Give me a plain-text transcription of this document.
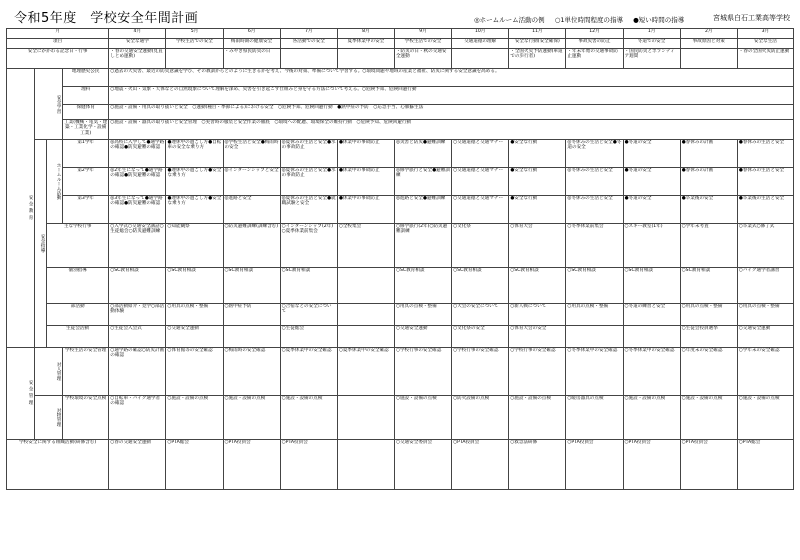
令和5年度　学校安全年間計画	◎ホームルーム活動の例 ○1単位時間程度の指導 ●短い時間の指導	宮城県白石工業高等学校
月				4月	5月	6月	7月	8月	9月	10月	11月	12月	1月	2月	3月
項目				安全な通学	学校生活での安全	梅雨時期の健康安全	各活動での安全	夏季休業中の安全	学校生活での安全	交通道徳の理解	安全な行動(安全確保)	事故災害の防止	冬道での安全	事故原因と対策	安全な生活
安全にかかわる記念日・行事				・春の交通安全運動(見直しとめ運動)		・みやぎ県民防災の日			・防災の日・秋の交通安全運動		・全国火災予防運動(車道での歩行者)	・年末年始の交通事故防止運動	・国民防災とボランティア週間		・春の全国火災防止運動
安全教育	安全学習		地理歴史公民	○過去の大災害、最近の防災意識を学び、その教訓からどのように生きるかを考え、今後の対策、準備について学習する。○環境問題や地域の産業と福祉、防災に関する安全意識を高める。											
			理科	○地震・火山・気象・天体などの自然現象について理解を深め、災害を引き起こす仕組みと身を守る方法について考える。○危険予知、危険回避行動											
			保健体育	○施設・設備・用具の取り扱いと安全　○運動(種目・季節による)における安全　○危険予知、危険回避行動　●熱中症の予防　○応急手当、心肺蘇生法											
			工業(機械・電気・建築・工業化学・設備工業)	○施設・設備・器具の取り扱いと安全管理　○実習時の服装と安全作業の徹底　○環境への配慮、環境保全の維持行動　○危険予知、危険回避行動											
	安全指導	ホームルーム活動	第1学年	◎高校に入学して●通学路の確認●防災避難の確認	●連休中の過ごし方●自転車の安全な乗り方	◎学校生活と安全●梅雨時の安全	◎夏休みの生活と安全●水の事故防止	●休業中の事故防止	◎災害と防災●避難訓練	○交通道徳と交通マナー	●安全な行動	◎冬休みの生活と安全●冬道の安全	●冬道の安全	●春休みの計画	●春休みの生活と安全
			第2学年	◎2年生になって●通学路の確認●防災避難の確認	●連休中の過ごし方●安全な乗り方	◎インターンシップと安全	◎夏休みの生活と安全●水の事故防止	●休業中の事故防止	◎修学旅行と安全●避難訓練	○交通道徳と交通マナー	●安全な行動	◎冬休みの生活と安全	●冬道の安全	●春休みの計画	●春休みの生活と安全
			第3学年	◎3年生になって●通学路の確認●防災避難の確認	●連休中の過ごし方●安全な乗り方	◎進路と安全	◎夏休みの生活と安全●就職試験と安全	●休業中の事故防止	◎進路と安全●避難訓練	○交通道徳と交通マナー	●安全な行動	◎冬休みの生活と安全	●冬道の安全	●卒業後の安全	●卒業後の生活と安全
		主な学校行事		○入学式○交通安全講話○生徒総会○防災避難訓練	○知能観察	○防災避難訓練(訓練含む)	○インターンシップ(2年)○夏季休業前集会	○全校集会	○修学旅行(2年)○防災避難訓練	○文化祭	○体育大会	○冬季休業前集会	○スキー教室(1年)	○学年末考査	○卒業式○修了式
		個別指導		○SC教育相談	○SC教育相談	○SC教育相談	○SC教育相談		○SC教育相談	○SC教育相談	○SC教育相談	○SC教育相談	○SC教育相談	○SC教育相談	○バイク通学者講習
		部活動		○部活動紹介・見学○部活動体験	○用具の点検・整備	○熱中症予防	○合宿などの安全について		○用具の点検・整備	○大会の安全について	○新人戦について	○用具の点検・整備	○冬道の練習と安全	○用具の点検・整備	○用具の点検・整備
		生徒会活動		○生徒会入会式	○交通安全運動		○生徒総会		○交通安全運動	○文化祭の安全	○体育大会の安全			○生徒会役員選挙	○交通安全運動
安全管理	対人管理		学校生活の安全管理	○通学路の確認○防災計画の確認	○体育館等の安全確認	○梅雨時の安全確認	○夏季休業中の安全確認	○夏季休業中の安全確認	○学校行事の安全確認	○学校行事の安全確認	○学校行事の安全確認	○冬季休業中の安全確認	○冬季休業中の安全確認	○年度末の安全確認	○学年末の安全確認
	対物管理		学校環境の安全点検	○自転車・バイク通学者の確認	○施設・設備の点検	○施設・設備の点検	○施設・設備の点検		○施設・設備の点検	○防火設備の点検	○施設・設備の点検	○暖房器具の点検	○施設・設備の点検	○施設・設備の点検	○施設・設備の点検
学校安全に関する組織活動(研修含む)				○春の交通安全運動	○PTA総会	○PTA役員会	○PTA役員会		○交通安全委員会	○PTA役員会	○救急法研修	○PTA役員会	○PTA役員会	○PTA役員会	○PTA総会
